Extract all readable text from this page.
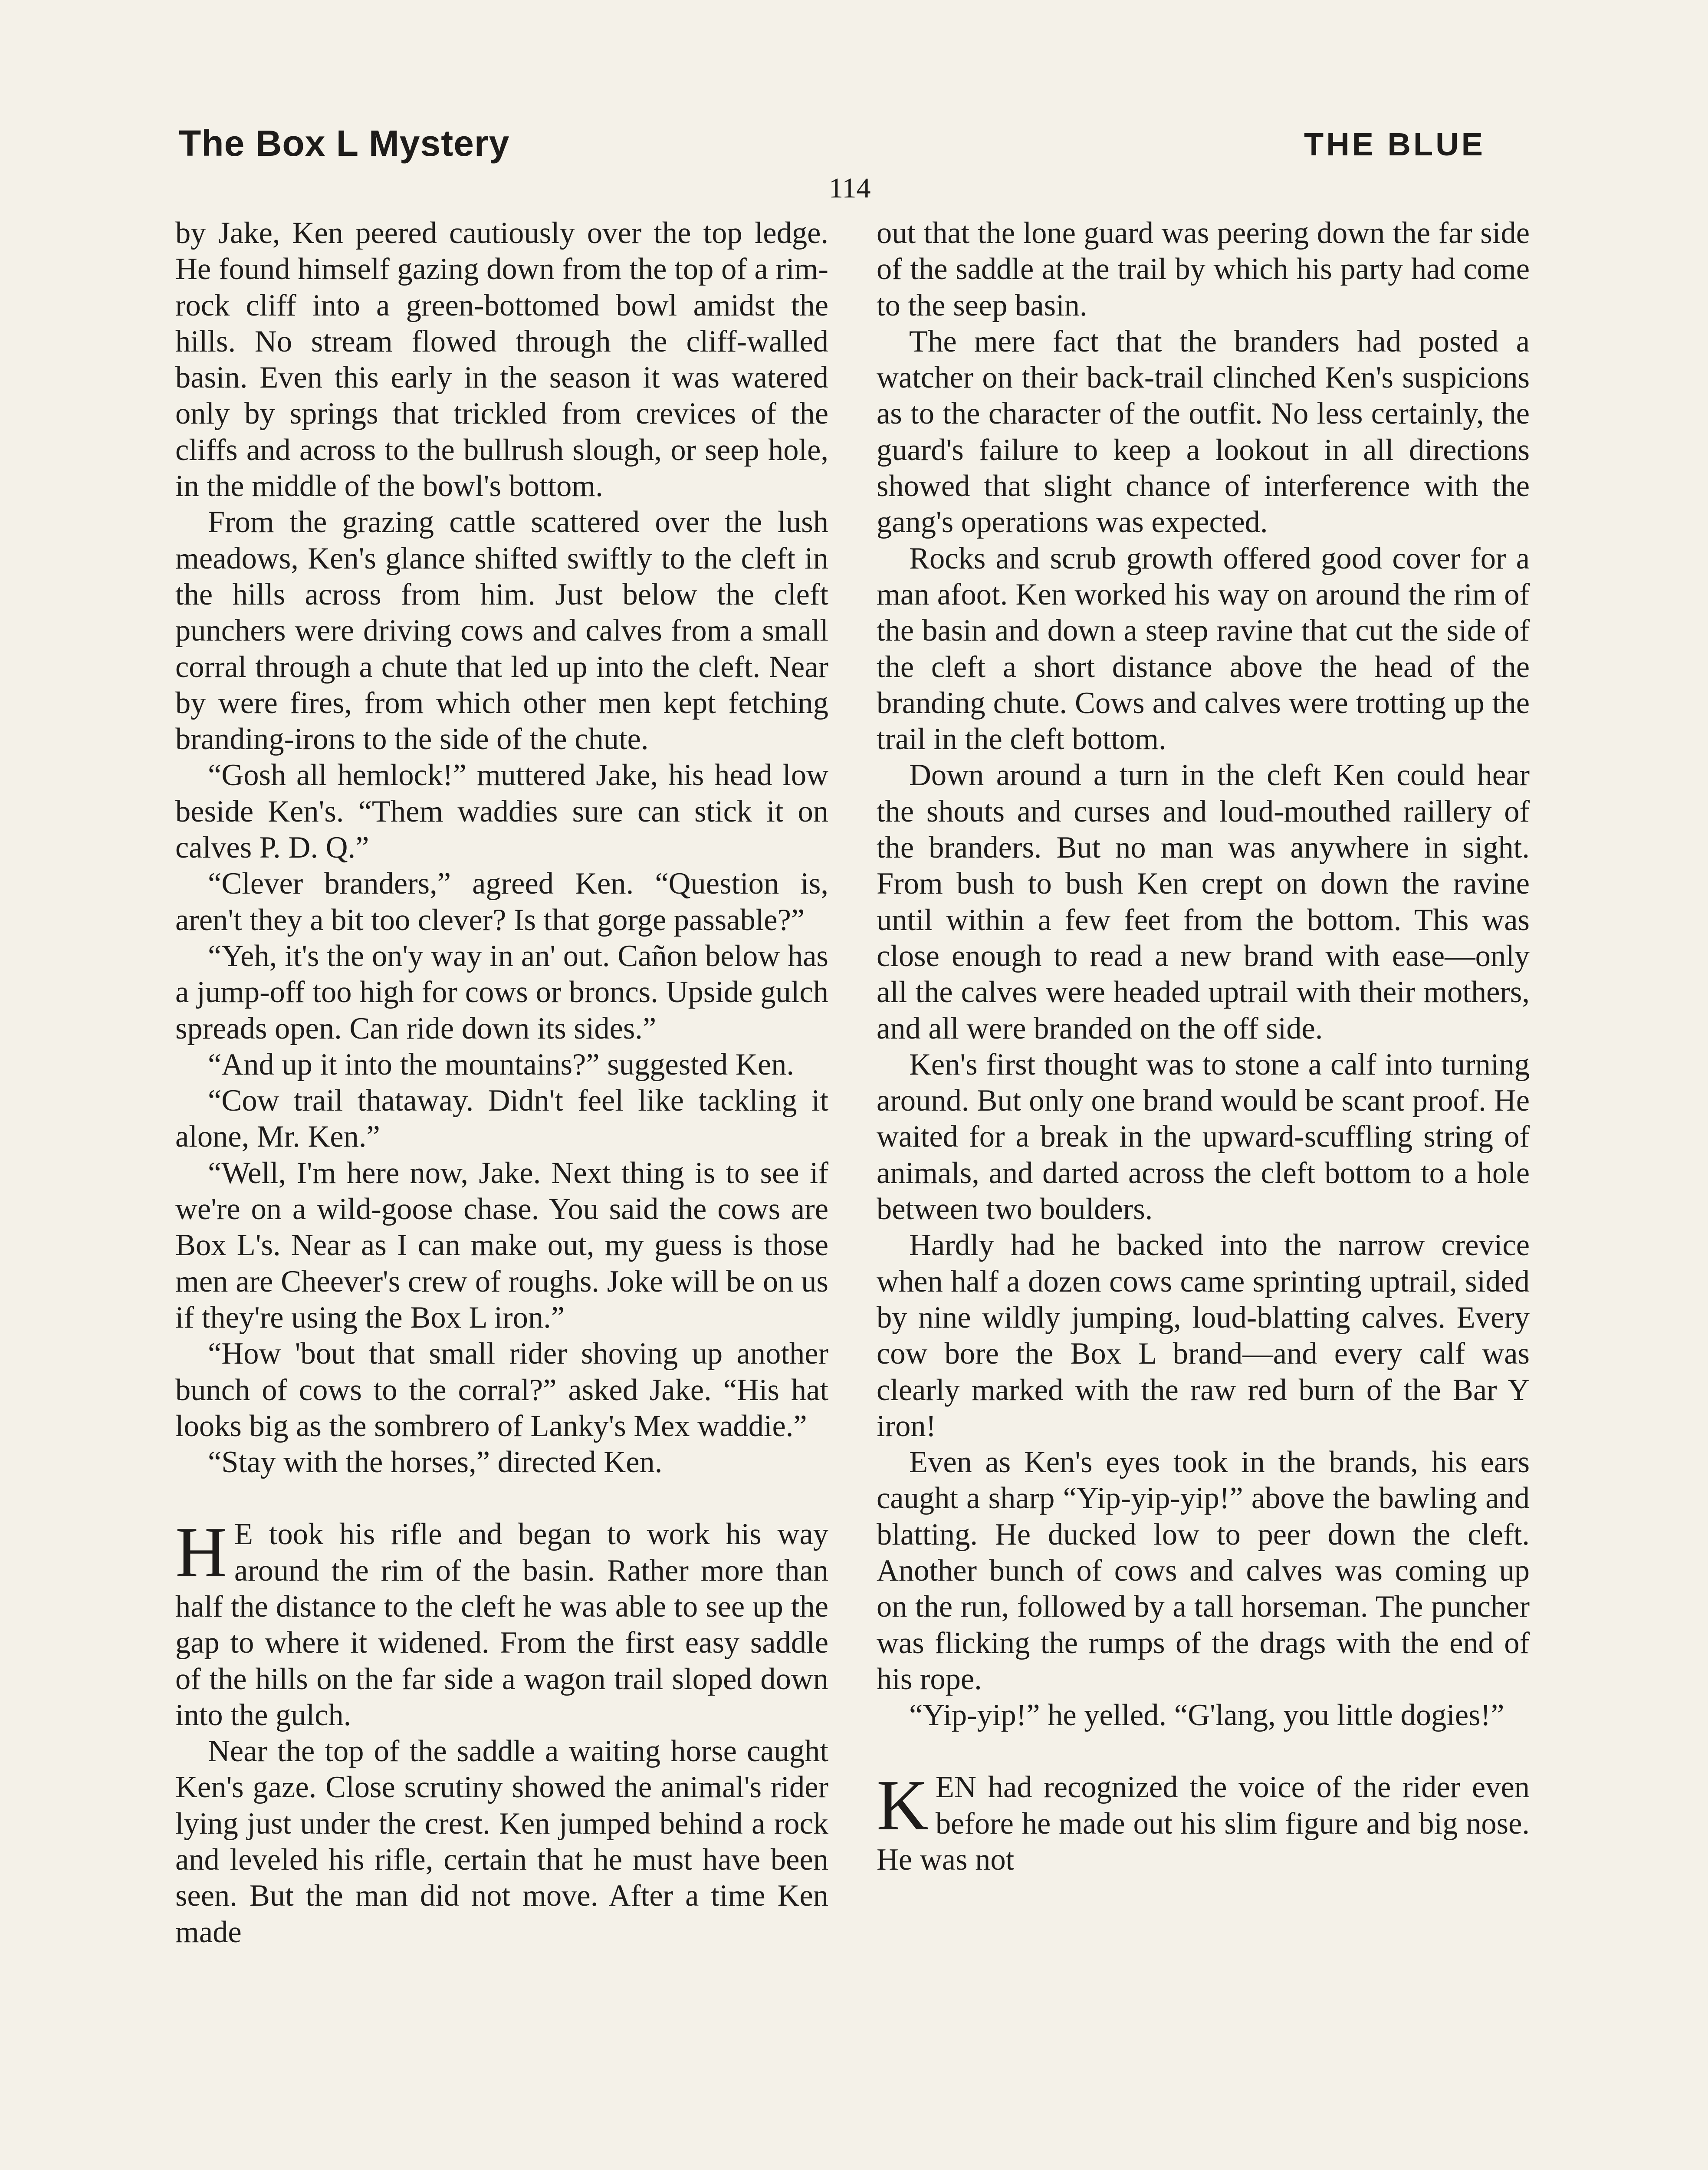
The Box L Mystery	THE BLUE
114

by Jake, Ken peered cautiously over the top ledge. He found himself gazing down from the top of a rim-rock cliff into a green-bottomed bowl amidst the hills. No stream flowed through the cliff-walled basin. Even this early in the season it was watered only by springs that trickled from crevices of the cliffs and across to the bullrush slough, or seep hole, in the middle of the bowl's bottom.

From the grazing cattle scattered over the lush meadows, Ken's glance shifted swiftly to the cleft in the hills across from him. Just below the cleft punchers were driving cows and calves from a small corral through a chute that led up into the cleft. Near by were fires, from which other men kept fetching branding-irons to the side of the chute.

“Gosh all hemlock!” muttered Jake, his head low beside Ken's. “Them waddies sure can stick it on calves P. D. Q.”

“Clever branders,” agreed Ken. “Question is, aren't they a bit too clever? Is that gorge passable?”

“Yeh, it's the on'y way in an' out. Cañon below has a jump-off too high for cows or broncs. Upside gulch spreads open. Can ride down its sides.”

“And up it into the mountains?” suggested Ken.

“Cow trail thataway. Didn't feel like tackling it alone, Mr. Ken.”

“Well, I'm here now, Jake. Next thing is to see if we're on a wild-goose chase. You said the cows are Box L's. Near as I can make out, my guess is those men are Cheever's crew of roughs. Joke will be on us if they're using the Box L iron.”

“How 'bout that small rider shoving up another bunch of cows to the corral?” asked Jake. “His hat looks big as the sombrero of Lanky's Mex waddie.”

“Stay with the horses,” directed Ken.

H E took his rifle and began to work his way around the rim of the basin. Rather more than half the distance to the cleft he was able to see up the gap to where it widened. From the first easy saddle of the hills on the far side a wagon trail sloped down into the gulch.

Near the top of the saddle a waiting horse caught Ken's gaze. Close scrutiny showed the animal's rider lying just under the crest. Ken jumped behind a rock and leveled his rifle, certain that he must have been seen. But the man did not move. After a time Ken made

out that the lone guard was peering down the far side of the saddle at the trail by which his party had come to the seep basin.

The mere fact that the branders had posted a watcher on their back-trail clinched Ken's suspicions as to the character of the outfit. No less certainly, the guard's failure to keep a lookout in all directions showed that slight chance of interference with the gang's operations was expected.

Rocks and scrub growth offered good cover for a man afoot. Ken worked his way on around the rim of the basin and down a steep ravine that cut the side of the cleft a short distance above the head of the branding chute. Cows and calves were trotting up the trail in the cleft bottom.

Down around a turn in the cleft Ken could hear the shouts and curses and loud-mouthed raillery of the branders. But no man was anywhere in sight. From bush to bush Ken crept on down the ravine until within a few feet from the bottom. This was close enough to read a new brand with ease—only all the calves were headed uptrail with their mothers, and all were branded on the off side.

Ken's first thought was to stone a calf into turning around. But only one brand would be scant proof. He waited for a break in the upward-scuffling string of animals, and darted across the cleft bottom to a hole between two boulders.

Hardly had he backed into the narrow crevice when half a dozen cows came sprinting uptrail, sided by nine wildly jumping, loud-blatting calves. Every cow bore the Box L brand—and every calf was clearly marked with the raw red burn of the Bar Y iron!

Even as Ken's eyes took in the brands, his ears caught a sharp “Yip-yip-yip!” above the bawling and blatting. He ducked low to peer down the cleft. Another bunch of cows and calves was coming up on the run, followed by a tall horseman. The puncher was flicking the rumps of the drags with the end of his rope.

“Yip-yip!” he yelled. “G'lang, you little dogies!”

KEN had recognized the voice of the rider even before he made out his slim figure and big nose. He was not
